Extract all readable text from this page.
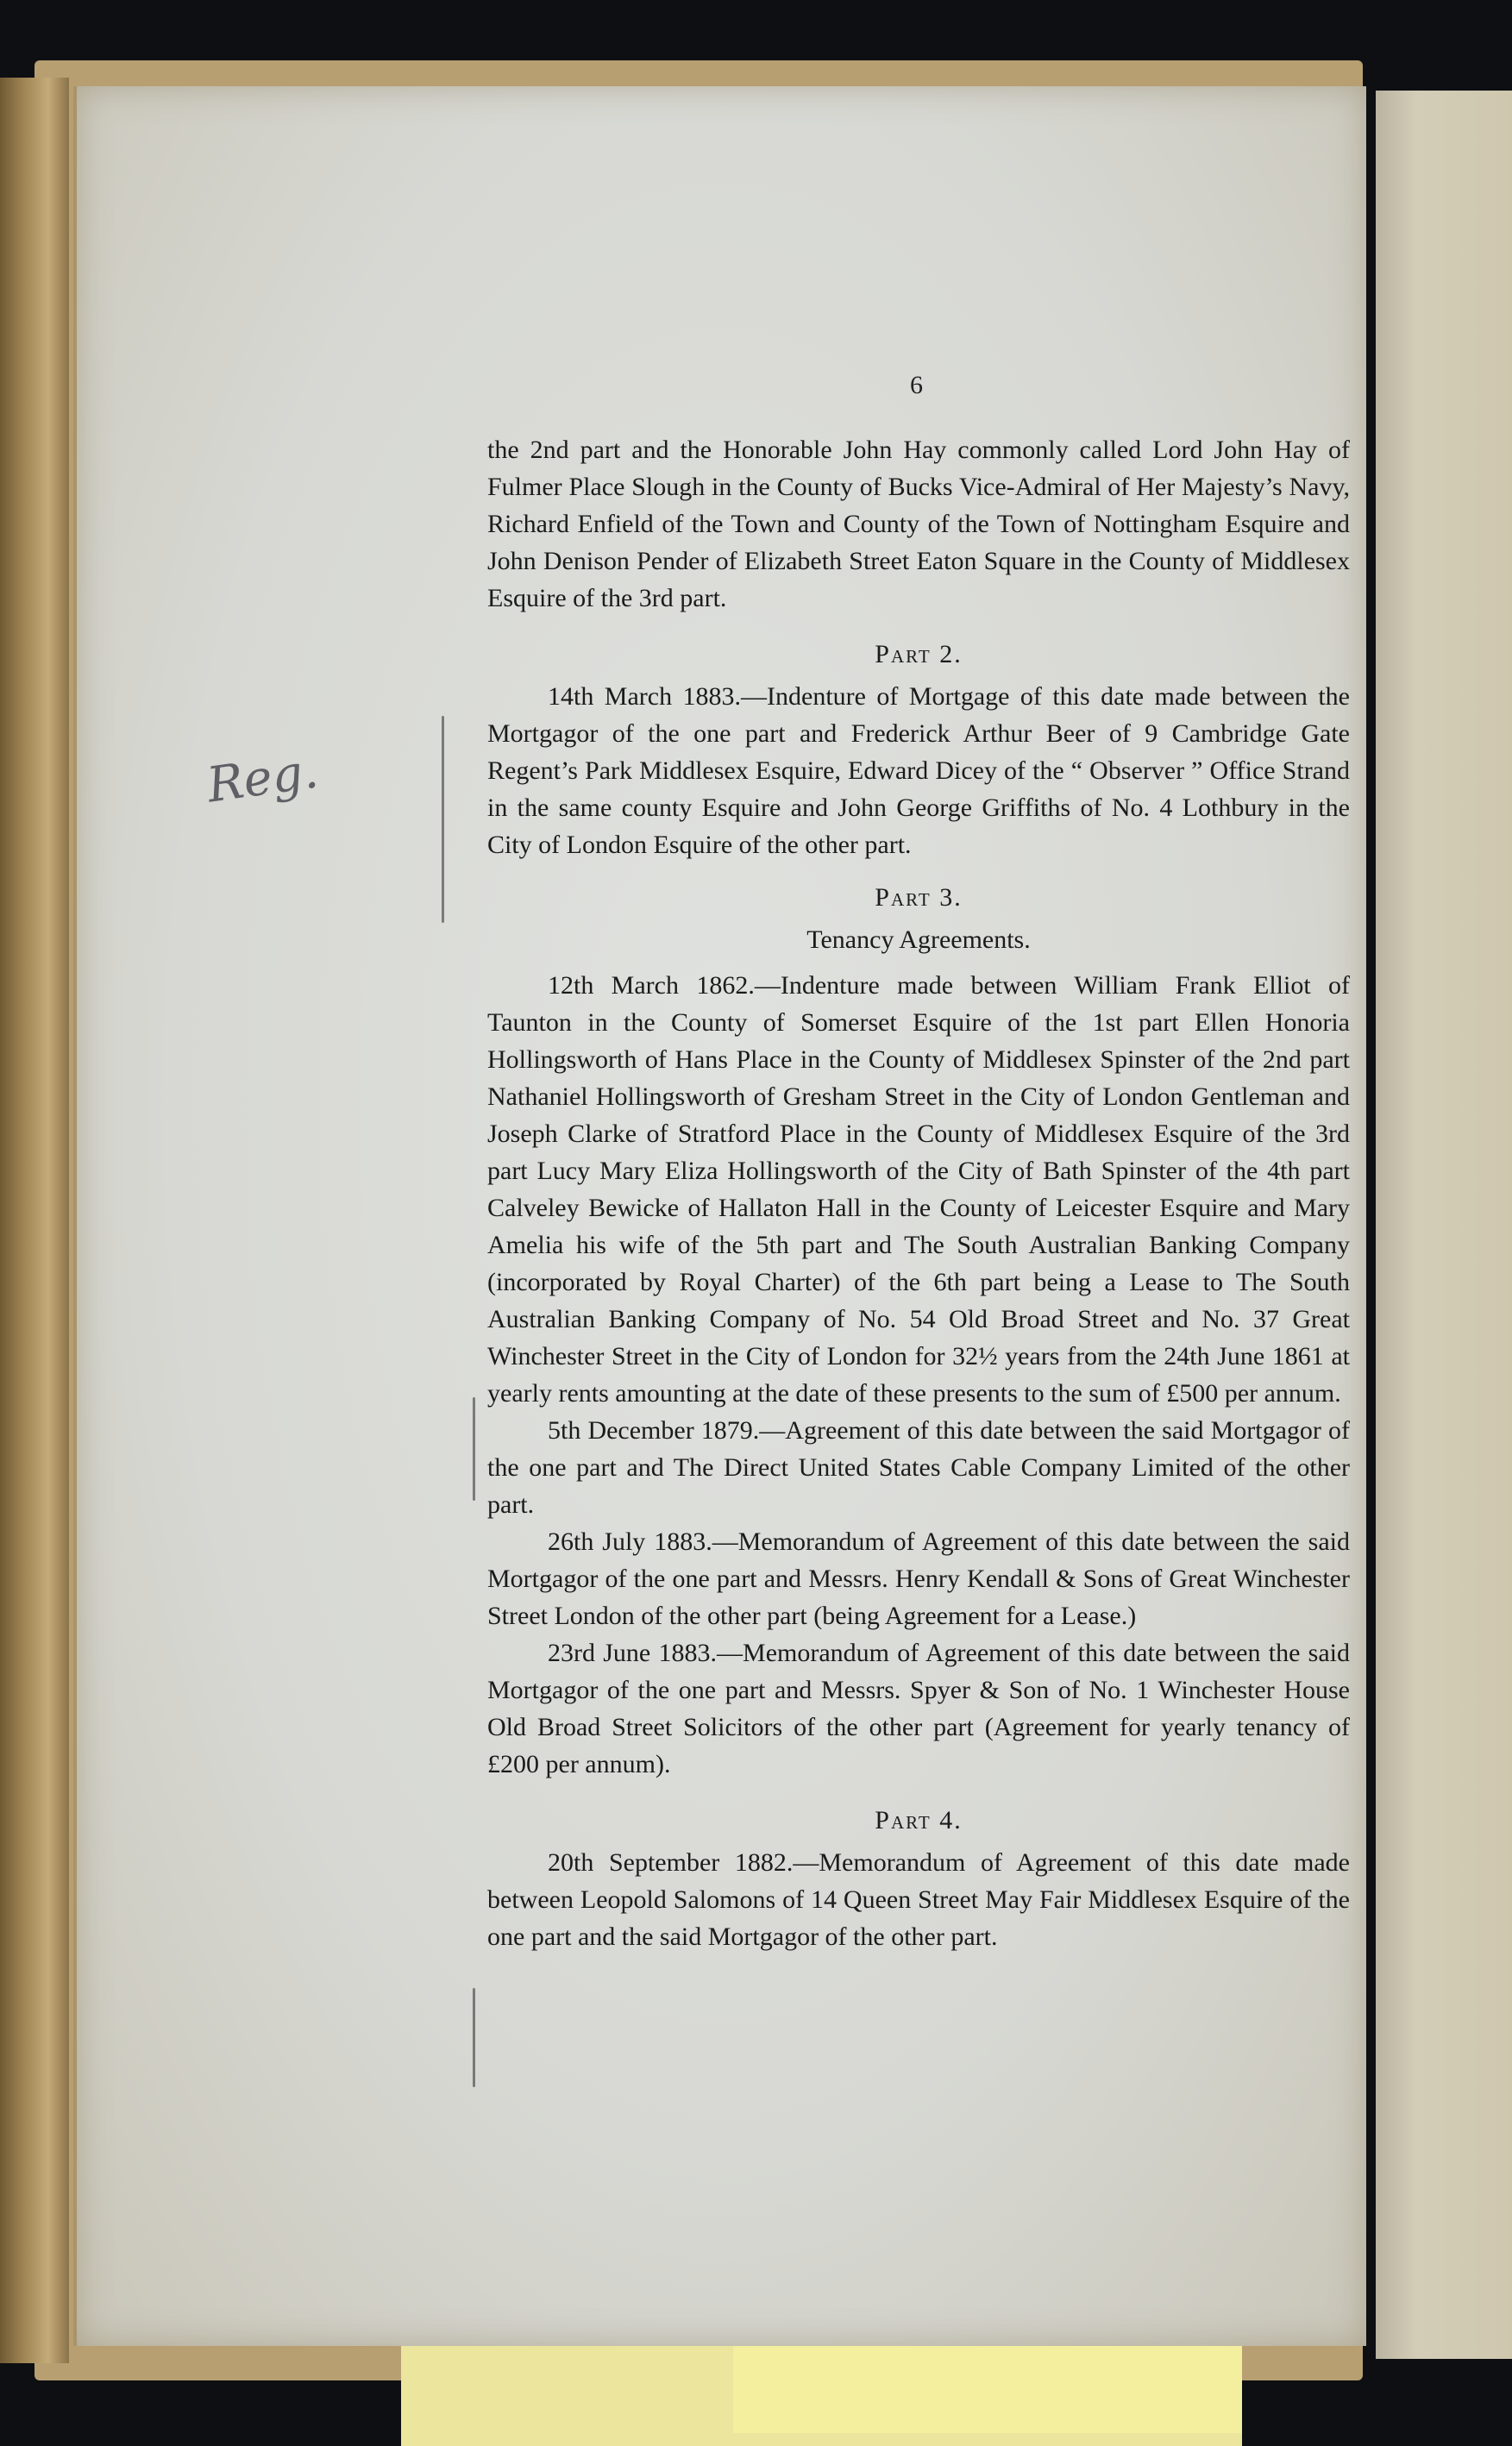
6
Reg.

the 2nd part and the Honorable John Hay commonly called Lord John Hay of Fulmer Place Slough in the County of Bucks Vice-Admiral of Her Majesty’s Navy, Richard Enfield of the Town and County of the Town of Nottingham Esquire and John Denison Pender of Elizabeth Street Eaton Square in the County of Middlesex Esquire of the 3rd part.

Part 2.

14th March 1883.—Indenture of Mortgage of this date made between the Mortgagor of the one part and Frederick Arthur Beer of 9 Cambridge Gate Regent’s Park Middlesex Esquire, Edward Dicey of the “ Observer ” Office Strand in the same county Esquire and John George Griffiths of No. 4 Lothbury in the City of London Esquire of the other part.

Part 3.
Tenancy Agreements.

12th March 1862.—Indenture made between William Frank Elliot of Taunton in the County of Somerset Esquire of the 1st part Ellen Honoria Hollingsworth of Hans Place in the County of Middlesex Spinster of the 2nd part Nathaniel Hollingsworth of Gresham Street in the City of London Gentleman and Joseph Clarke of Stratford Place in the County of Middlesex Esquire of the 3rd part Lucy Mary Eliza Hollingsworth of the City of Bath Spinster of the 4th part Calveley Bewicke of Hallaton Hall in the County of Leicester Esquire and Mary Amelia his wife of the 5th part and The South Australian Banking Company (incorporated by Royal Charter) of the 6th part being a Lease to The South Australian Banking Company of No. 54 Old Broad Street and No. 37 Great Winchester Street in the City of London for 32½ years from the 24th June 1861 at yearly rents amounting at the date of these presents to the sum of £500 per annum.

5th December 1879.—Agreement of this date between the said Mortgagor of the one part and The Direct United States Cable Company Limited of the other part.

26th July 1883.—Memorandum of Agreement of this date between the said Mortgagor of the one part and Messrs. Henry Kendall & Sons of Great Winchester Street London of the other part (being Agreement for a Lease.)

23rd June 1883.—Memorandum of Agreement of this date between the said Mortgagor of the one part and Messrs. Spyer & Son of No. 1 Winchester House Old Broad Street Solicitors of the other part (Agreement for yearly tenancy of £200 per annum).

Part 4.

20th September 1882.—Memorandum of Agreement of this date made between Leopold Salomons of 14 Queen Street May Fair Middlesex Esquire of the one part and the said Mortgagor of the other part.
